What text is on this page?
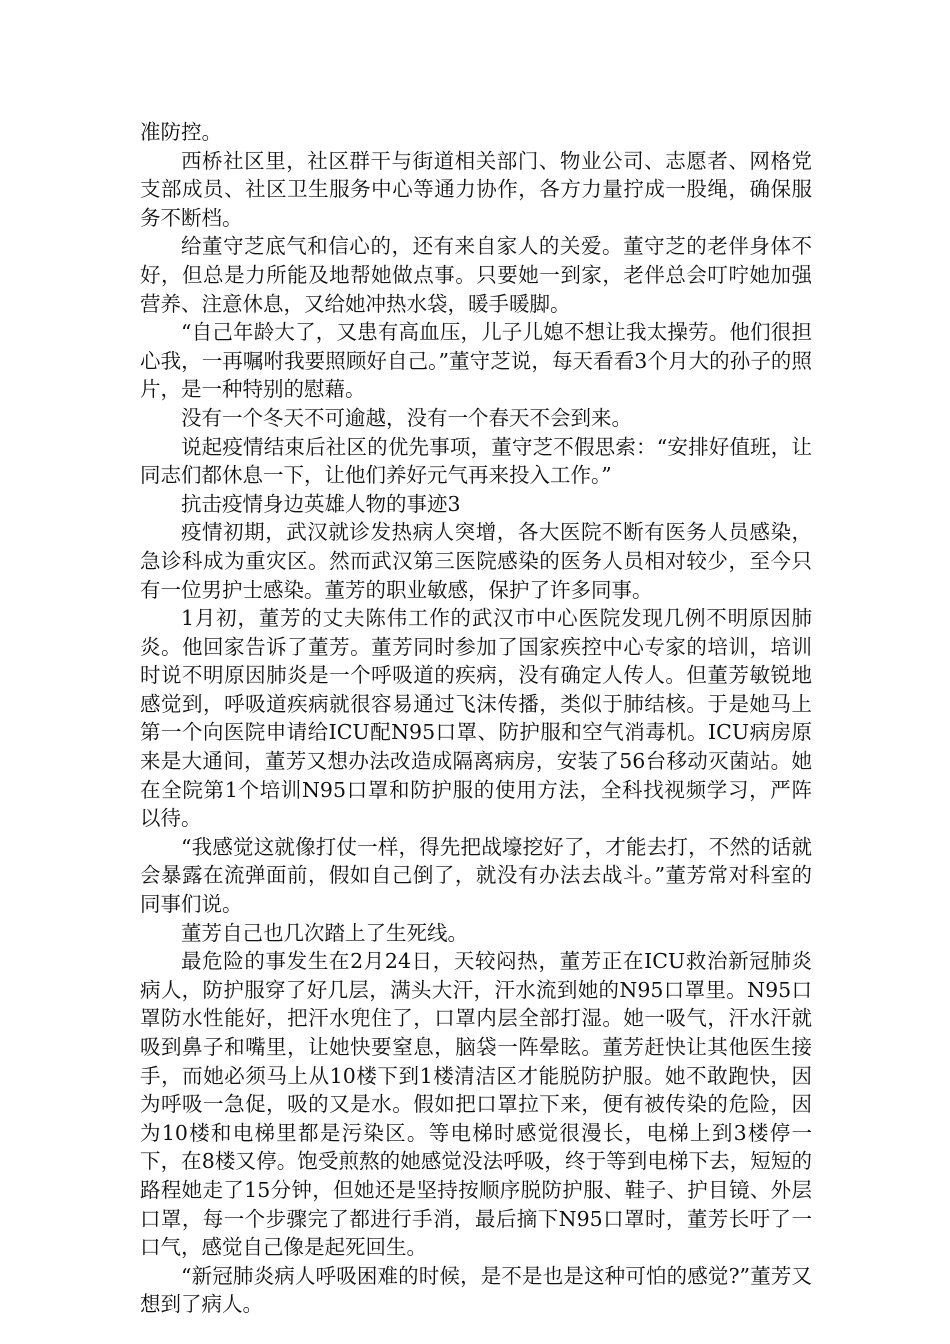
准防控。

西桥社区里，社区群干与街道相关部门、物业公司、志愿者、网格党支部成员、社区卫生服务中心等通力协作，各方力量拧成一股绳，确保服务不断档。

给董守芝底气和信心的，还有来自家人的关爱。董守芝的老伴身体不好，但总是力所能及地帮她做点事。只要她一到家，老伴总会叮咛她加强营养、注意休息，又给她冲热水袋，暖手暖脚。

“自己年龄大了，又患有高血压，儿子儿媳不想让我太操劳。他们很担心我，一再嘱咐我要照顾好自己。”董守芝说，每天看看3个月大的孙子的照片，是一种特别的慰藉。

没有一个冬天不可逾越，没有一个春天不会到来。

说起疫情结束后社区的优先事项，董守芝不假思索：“安排好值班，让同志们都休息一下，让他们养好元气再来投入工作。”

抗击疫情身边英雄人物的事迹3

疫情初期，武汉就诊发热病人突增，各大医院不断有医务人员感染，急诊科成为重灾区。然而武汉第三医院感染的医务人员相对较少，至今只有一位男护士感染。董芳的职业敏感，保护了许多同事。

1月初，董芳的丈夫陈伟工作的武汉市中心医院发现几例不明原因肺炎。他回家告诉了董芳。董芳同时参加了国家疾控中心专家的培训，培训时说不明原因肺炎是一个呼吸道的疾病，没有确定人传人。但董芳敏锐地感觉到，呼吸道疾病就很容易通过飞沫传播，类似于肺结核。于是她马上第一个向医院申请给ICU配N95口罩、防护服和空气消毒机。ICU病房原来是大通间，董芳又想办法改造成隔离病房，安装了56台移动灭菌站。她在全院第1个培训N95口罩和防护服的使用方法，全科找视频学习，严阵以待。

“我感觉这就像打仗一样，得先把战壕挖好了，才能去打，不然的话就会暴露在流弹面前，假如自己倒了，就没有办法去战斗。”董芳常对科室的同事们说。

董芳自己也几次踏上了生死线。

最危险的事发生在2月24日，天较闷热，董芳正在ICU救治新冠肺炎病人，防护服穿了好几层，满头大汗，汗水流到她的N95口罩里。N95口罩防水性能好，把汗水兜住了，口罩内层全部打湿。她一吸气，汗水汗就吸到鼻子和嘴里，让她快要窒息，脑袋一阵晕眩。董芳赶快让其他医生接手，而她必须马上从10楼下到1楼清洁区才能脱防护服。她不敢跑快，因为呼吸一急促，吸的又是水。假如把口罩拉下来，便有被传染的危险，因为10楼和电梯里都是污染区。等电梯时感觉很漫长，电梯上到3楼停一下，在8楼又停。饱受煎熬的她感觉没法呼吸，终于等到电梯下去，短短的路程她走了15分钟，但她还是坚持按顺序脱防护服、鞋子、护目镜、外层口罩，每一个步骤完了都进行手消，最后摘下N95口罩时，董芳长吁了一口气，感觉自己像是起死回生。

“新冠肺炎病人呼吸困难的时候，是不是也是这种可怕的感觉?”董芳又想到了病人。
